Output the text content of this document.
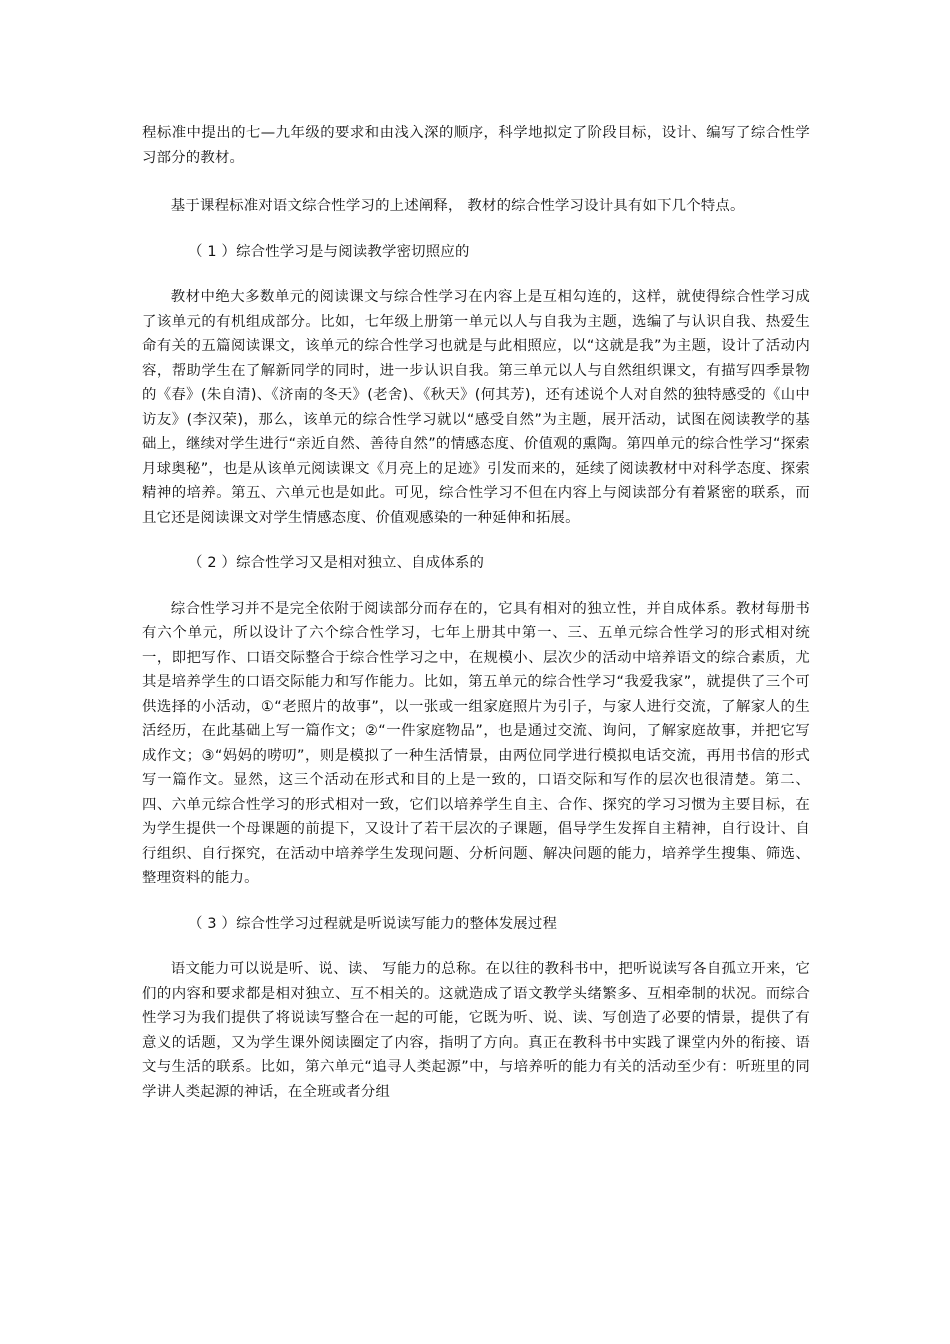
程标准中提出的七—九年级的要求和由浅入深的顺序，科学地拟定了阶段目标，设计、编写了综合性学习部分的教材。

基于课程标准对语文综合性学习的上述阐释， 教材的综合性学习设计具有如下几个特点。

（ 1 ）综合性学习是与阅读教学密切照应的

教材中绝大多数单元的阅读课文与综合性学习在内容上是互相勾连的，这样，就使得综合性学习成了该单元的有机组成部分。比如，七年级上册第一单元以人与自我为主题，选编了与认识自我、热爱生命有关的五篇阅读课文，该单元的综合性学习也就是与此相照应，以“这就是我”为主题，设计了活动内容，帮助学生在了解新同学的同时，进一步认识自我。第三单元以人与自然组织课文，有描写四季景物的《春》(朱自清)、《济南的冬天》(老舍)、《秋天》(何其芳)，还有述说个人对自然的独特感受的《山中访友》(李汉荣)，那么，该单元的综合性学习就以“感受自然”为主题，展开活动，试图在阅读教学的基础上，继续对学生进行“亲近自然、善待自然”的情感态度、价值观的熏陶。第四单元的综合性学习“探索月球奥秘”，也是从该单元阅读课文《月亮上的足迹》引发而来的，延续了阅读教材中对科学态度、探索精神的培养。第五、六单元也是如此。可见，综合性学习不但在内容上与阅读部分有着紧密的联系，而且它还是阅读课文对学生情感态度、价值观感染的一种延伸和拓展。

（ 2 ）综合性学习又是相对独立、自成体系的

综合性学习并不是完全依附于阅读部分而存在的，它具有相对的独立性，并自成体系。教材每册书有六个单元，所以设计了六个综合性学习，七年上册其中第一、三、五单元综合性学习的形式相对统一，即把写作、口语交际整合于综合性学习之中，在规模小、层次少的活动中培养语文的综合素质，尤其是培养学生的口语交际能力和写作能力。比如，第五单元的综合性学习“我爱我家”，就提供了三个可供选择的小活动，①“老照片的故事”，以一张或一组家庭照片为引子，与家人进行交流，了解家人的生活经历，在此基础上写一篇作文；②“一件家庭物品”，也是通过交流、询问，了解家庭故事，并把它写成作文；③“妈妈的唠叨”，则是模拟了一种生活情景，由两位同学进行模拟电话交流，再用书信的形式写一篇作文。显然，这三个活动在形式和目的上是一致的，口语交际和写作的层次也很清楚。第二、四、六单元综合性学习的形式相对一致，它们以培养学生自主、合作、探究的学习习惯为主要目标，在为学生提供一个母课题的前提下，又设计了若干层次的子课题，倡导学生发挥自主精神，自行设计、自行组织、自行探究，在活动中培养学生发现问题、分析问题、解决问题的能力，培养学生搜集、筛选、整理资料的能力。

（ 3 ）综合性学习过程就是听说读写能力的整体发展过程

语文能力可以说是听、说、读、 写能力的总称。在以往的教科书中，把听说读写各自孤立开来，它们的内容和要求都是相对独立、互不相关的。这就造成了语文教学头绪繁多、互相牵制的状况。而综合性学习为我们提供了将说读写整合在一起的可能，它既为听、说、读、写创造了必要的情景，提供了有意义的话题，又为学生课外阅读圈定了内容，指明了方向。真正在教科书中实践了课堂内外的衔接、语文与生活的联系。比如，第六单元“追寻人类起源”中，与培养听的能力有关的活动至少有：听班里的同学讲人类起源的神话，在全班或者分组
